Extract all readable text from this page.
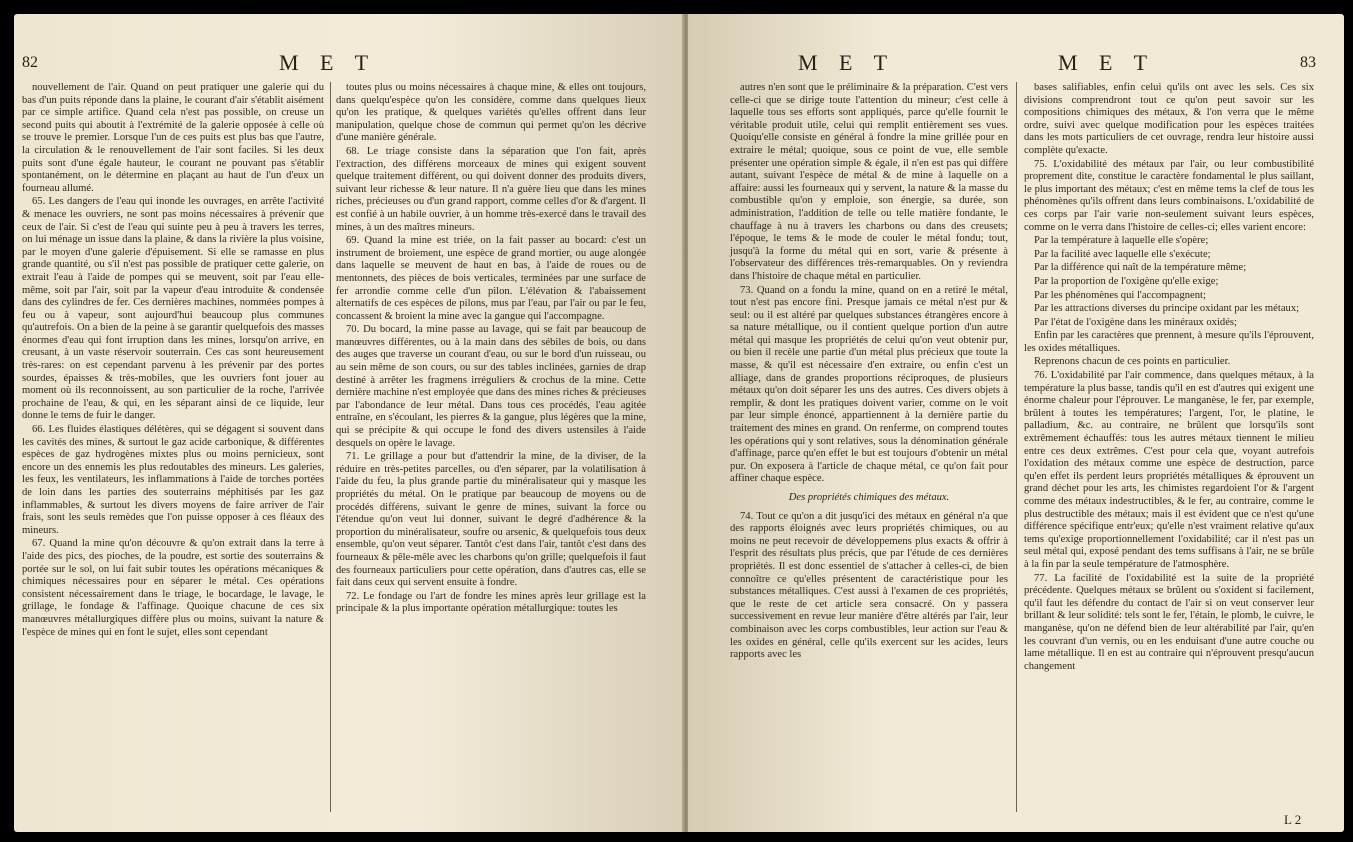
82	M E T

nouvellement de l'air. Quand on peut pratiquer une galerie qui du bas d'un puits réponde dans la plaine, le courant d'air s'établit aisément par ce simple artifice. Quand cela n'est pas possible, on creuse un second puits qui aboutit à l'extrémité de la galerie opposée à celle où se trouve le premier. Lorsque l'un de ces puits est plus bas que l'autre, la circulation & le renouvellement de l'air sont faciles. Si les deux puits sont d'une égale hauteur, le courant ne pouvant pas s'établir spontanément, on le détermine en plaçant au haut de l'un d'eux un fourneau allumé.

65. Les dangers de l'eau qui inonde les ouvrages, en arrête l'activité & menace les ouvriers, ne sont pas moins nécessaires à prévenir que ceux de l'air. Si c'est de l'eau qui suinte peu à peu à travers les terres, on lui ménage un issue dans la plaine, & dans la rivière la plus voisine, par le moyen d'une galerie d'épuisement. Si elle se ramasse en plus grande quantité, ou s'il n'est pas possible de pratiquer cette galerie, on extrait l'eau à l'aide de pompes qui se meuvent, soit par l'eau elle-même, soit par l'air, soit par la vapeur d'eau introduite & condensée dans des cylindres de fer. Ces dernières machines, nommées pompes à feu ou à vapeur, sont aujourd'hui beaucoup plus communes qu'autrefois. On a bien de la peine à se garantir quelquefois des masses énormes d'eau qui font irruption dans les mines, lorsqu'on arrive, en creusant, à un vaste réservoir souterrain. Ces cas sont heureusement très-rares: on est cependant parvenu à les prévenir par des portes sourdes, épaisses & très-mobiles, que les ouvriers font jouer au moment où ils reconnoissent, au son particulier de la roche, l'arrivée prochaine de l'eau, & qui, en les séparant ainsi de ce liquide, leur donne le tems de fuir le danger.

66. Les fluides élastiques délétères, qui se dégagent si souvent dans les cavités des mines, & surtout le gaz acide carbonique, & différentes espèces de gaz hydrogènes mixtes plus ou moins pernicieux, sont encore un des ennemis les plus redoutables des mineurs. Les galeries, les feux, les ventilateurs, les inflammations à l'aide de torches portées de loin dans les parties des souterrains méphitisés par les gaz inflammables, & surtout les divers moyens de faire arriver de l'air frais, sont les seuls remèdes que l'on puisse opposer à ces fléaux des mineurs.

67. Quand la mine qu'on découvre & qu'on extrait dans la terre à l'aide des pics, des pioches, de la poudre, est sortie des souterrains & portée sur le sol, on lui fait subir toutes les opérations mécaniques & chimiques nécessaires pour en séparer le métal. Ces opérations consistent nécessairement dans le triage, le bocardage, le lavage, le grillage, le fondage & l'affinage. Quoique chacune de ces six manœuvres métallurgiques diffère plus ou moins, suivant la nature & l'espèce de mines qui en font le sujet, elles sont cependant

toutes plus ou moins nécessaires à chaque mine, & elles ont toujours, dans quelqu'espèce qu'on les considère, comme dans quelques lieux qu'on les pratique, & quelques variétés qu'elles offrent dans leur manipulation, quelque chose de commun qui permet qu'on les décrive d'une manière générale.

68. Le triage consiste dans la séparation que l'on fait, après l'extraction, des différens morceaux de mines qui exigent souvent quelque traitement différent, ou qui doivent donner des produits divers, suivant leur richesse & leur nature. Il n'a guère lieu que dans les mines riches, précieuses ou d'un grand rapport, comme celles d'or & d'argent. Il est confié à un habile ouvrier, à un homme très-exercé dans le travail des mines, à un des maîtres mineurs.

69. Quand la mine est triée, on la fait passer au bocard: c'est un instrument de broiement, une espèce de grand mortier, ou auge alongée dans laquelle se meuvent de haut en bas, à l'aide de roues ou de mentonnets, des pièces de bois verticales, terminées par une surface de fer arrondie comme celle d'un pilon. L'élévation & l'abaissement alternatifs de ces espèces de pilons, mus par l'eau, par l'air ou par le feu, concassent & broient la mine avec la gangue qui l'accompagne.

70. Du bocard, la mine passe au lavage, qui se fait par beaucoup de manœuvres différentes, ou à la main dans des sébiles de bois, ou dans des auges que traverse un courant d'eau, ou sur le bord d'un ruisseau, ou au sein même de son cours, ou sur des tables inclinées, garnies de drap destiné à arrêter les fragmens irréguliers & crochus de la mine. Cette dernière machine n'est employée que dans des mines riches & précieuses par l'abondance de leur métal. Dans tous ces procédés, l'eau agitée entraîne, en s'écoulant, les pierres & la gangue, plus légères que la mine, qui se précipite & qui occupe le fond des divers ustensiles à l'aide desquels on opère le lavage.

71. Le grillage a pour but d'attendrir la mine, de la diviser, de la réduire en très-petites parcelles, ou d'en séparer, par la volatilisation à l'aide du feu, la plus grande partie du minéralisateur qui y masque les propriétés du métal. On le pratique par beaucoup de moyens ou de procédés différens, suivant le genre de mines, suivant la force ou l'étendue qu'on veut lui donner, suivant le degré d'adhérence & la proportion du minéralisateur, soufre ou arsenic, & quelquefois tous deux ensemble, qu'on veut séparer. Tantôt c'est dans l'air, tantôt c'est dans des fourneaux & pêle-mêle avec les charbons qu'on grille; quelquefois il faut des fourneaux particuliers pour cette opération, dans d'autres cas, elle se fait dans ceux qui servent ensuite à fondre.

72. Le fondage ou l'art de fondre les mines après leur grillage est la principale & la plus importante opération métallurgique: toutes les

M E T	M E T	83

autres n'en sont que le préliminaire & la préparation. C'est vers celle-ci que se dirige toute l'attention du mineur; c'est celle à laquelle tous ses efforts sont appliqués, parce qu'elle fournit le véritable produit utile, celui qui remplit entièrement ses vues. Quoiqu'elle consiste en général à fondre la mine grillée pour en extraire le métal; quoique, sous ce point de vue, elle semble présenter une opération simple & égale, il n'en est pas qui diffère autant, suivant l'espèce de métal & de mine à laquelle on a affaire: aussi les fourneaux qui y servent, la nature & la masse du combustible qu'on y emploie, son énergie, sa durée, son administration, l'addition de telle ou telle matière fondante, le chauffage à nu à travers les charbons ou dans des creusets; l'époque, le tems & le mode de couler le métal fondu; tout, jusqu'à la forme du métal qui en sort, varie & présente à l'observateur des différences très-remarquables. On y reviendra dans l'histoire de chaque métal en particulier.

73. Quand on a fondu la mine, quand on en a retiré le métal, tout n'est pas encore fini. Presque jamais ce métal n'est pur & seul: ou il est altéré par quelques substances étrangères encore à sa nature métallique, ou il contient quelque portion d'un autre métal qui masque les propriétés de celui qu'on veut obtenir pur, ou bien il recèle une partie d'un métal plus précieux que toute la masse, & qu'il est nécessaire d'en extraire, ou enfin c'est un alliage, dans de grandes proportions réciproques, de plusieurs métaux qu'on doit séparer les uns des autres. Ces divers objets à remplir, & dont les pratiques doivent varier, comme on le voit par leur simple énoncé, appartiennent à la dernière partie du traitement des mines en grand. On renferme, on comprend toutes les opérations qui y sont relatives, sous la dénomination générale d'affinage, parce qu'en effet le but est toujours d'obtenir un métal pur. On exposera à l'article de chaque métal, ce qu'on fait pour affiner chaque espèce.

Des propriétés chimiques des métaux.

74. Tout ce qu'on a dit jusqu'ici des métaux en général n'a que des rapports éloignés avec leurs propriétés chimiques, ou au moins ne peut recevoir de développemens plus exacts & offrir à l'esprit des résultats plus précis, que par l'étude de ces dernières propriétés. Il est donc essentiel de s'attacher à celles-ci, de bien connoître ce qu'elles présentent de caractéristique pour les substances métalliques. C'est aussi à l'examen de ces propriétés, que le reste de cet article sera consacré. On y passera successivement en revue leur manière d'être altérés par l'air, leur combinaison avec les corps combustibles, leur action sur l'eau & les oxides en général, celle qu'ils exercent sur les acides, leurs rapports avec les

bases salifiables, enfin celui qu'ils ont avec les sels. Ces six divisions comprendront tout ce qu'on peut savoir sur les compositions chimiques des métaux, & l'on verra que le même ordre, suivi avec quelque modification pour les espèces traitées dans les mots particuliers de cet ouvrage, rendra leur histoire aussi complète qu'exacte.

75. L'oxidabilité des métaux par l'air, ou leur combustibilité proprement dite, constitue le caractère fondamental le plus saillant, le plus important des métaux; c'est en même tems la clef de tous les phénomènes qu'ils offrent dans leurs combinaisons. L'oxidabilité de ces corps par l'air varie non-seulement suivant leurs espèces, comme on le verra dans l'histoire de celles-ci; elles varient encore:

Par la température à laquelle elle s'opère;

Par la facilité avec laquelle elle s'exécute;

Par la différence qui naît de la température même;

Par la proportion de l'oxigène qu'elle exige;

Par les phénomènes qui l'accompagnent;

Par les attractions diverses du principe oxidant par les métaux;

Par l'état de l'oxigène dans les minéraux oxidés;

Enfin par les caractères que prennent, à mesure qu'ils l'éprouvent, les oxides métalliques.

Reprenons chacun de ces points en particulier.

76. L'oxidabilité par l'air commence, dans quelques métaux, à la température la plus basse, tandis qu'il en est d'autres qui exigent une énorme chaleur pour l'éprouver. Le manganèse, le fer, par exemple, brûlent à toutes les températures; l'argent, l'or, le platine, le palladium, &c. au contraire, ne brûlent que lorsqu'ils sont extrêmement échauffés: tous les autres métaux tiennent le milieu entre ces deux extrêmes. C'est pour cela que, voyant autrefois l'oxidation des métaux comme une espèce de destruction, parce qu'en effet ils perdent leurs propriétés métalliques & éprouvent un grand déchet pour les arts, les chimistes regardoient l'or & l'argent comme des métaux indestructibles, & le fer, au contraire, comme le plus destructible des métaux; mais il est évident que ce n'est qu'une différence spécifique entr'eux; qu'elle n'est vraiment relative qu'aux tems qu'exige proportionnellement l'oxidabilité; car il n'est pas un seul métal qui, exposé pendant des tems suffisans à l'air, ne se brûle à la fin par la seule température de l'atmosphère.

77. La facilité de l'oxidabilité est la suite de la propriété précédente. Quelques métaux se brûlent ou s'oxident si facilement, qu'il faut les défendre du contact de l'air si on veut conserver leur brillant & leur solidité: tels sont le fer, l'étain, le plomb, le cuivre, le manganèse, qu'on ne défend bien de leur altérabilité par l'air, qu'en les couvrant d'un vernis, ou en les enduisant d'une autre couche ou lame métallique. Il en est au contraire qui n'éprouvent presqu'aucun changement

L 2
